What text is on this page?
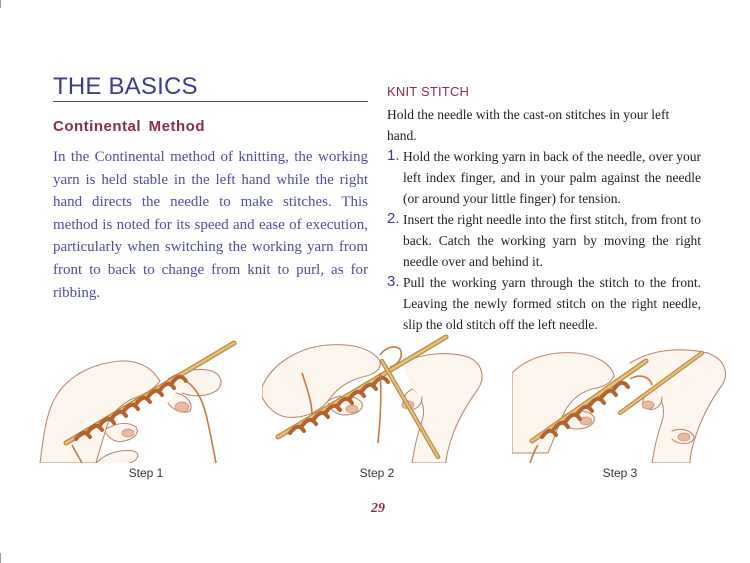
THE BASICS
Continental Method

In the Continental method of knitting, the working yarn is held stable in the left hand while the right hand directs the needle to make stitches. This method is noted for its speed and ease of execution, particularly when switching the working yarn from front to back to change from knit to purl, as for ribbing.

KNIT STITCH

Hold the needle with the cast-on stitches in your left hand.

1. Hold the working yarn in back of the needle, over your left index finger, and in your palm against the needle (or around your little finger) for tension.
2. Insert the right needle into the first stitch, from front to back. Catch the working yarn by moving the right needle over and behind it.
3. Pull the working yarn through the stitch to the front. Leaving the newly formed stitch on the right needle, slip the old stitch off the left needle.
Step 1	Step 2	Step 3
29
